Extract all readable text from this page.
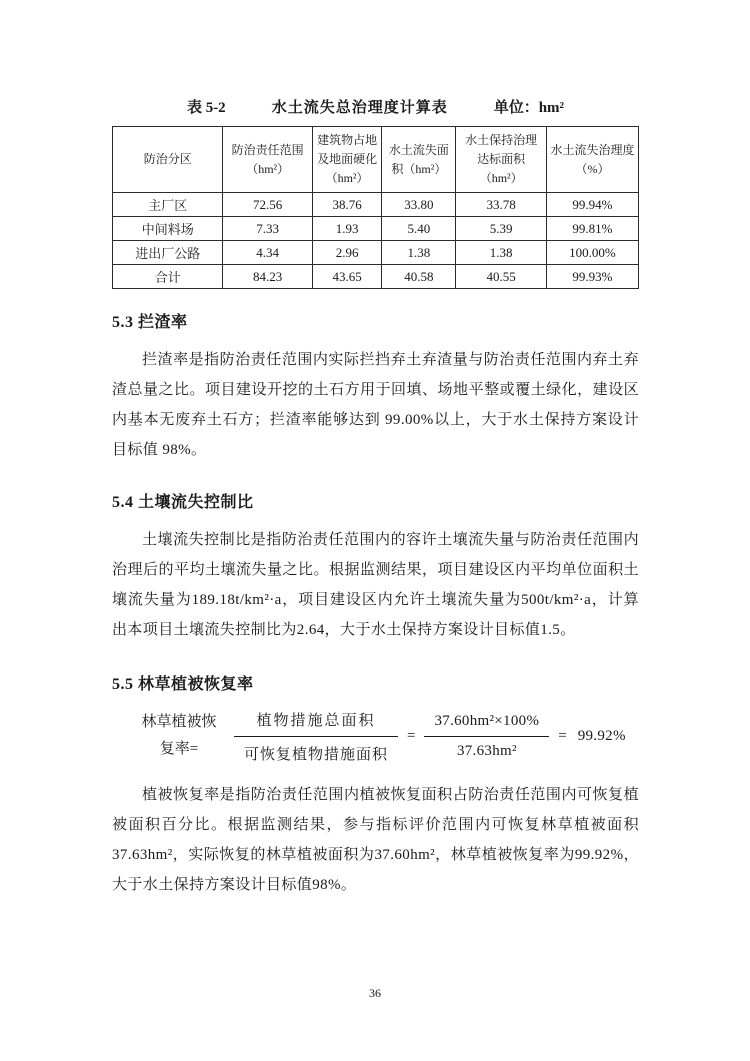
表 5-2	水土流失总治理度计算表	单位：hm²
防治分区	防治责任范围（hm²）	建筑物占地及地面硬化（hm²）	水土流失面积（hm²）	水土保持治理达标面积（hm²）	水土流失治理度（%）
主厂区	72.56	38.76	33.80	33.78	99.94%
中间料场	7.33	1.93	5.40	5.39	99.81%
进出厂公路	4.34	2.96	1.38	1.38	100.00%
合计	84.23	43.65	40.58	40.55	99.93%
5.3 拦渣率

拦渣率是指防治责任范围内实际拦挡弃土弃渣量与防治责任范围内弃土弃渣总量之比。项目建设开挖的土石方用于回填、场地平整或覆土绿化，建设区内基本无废弃土石方；拦渣率能够达到 99.00%以上，大于水土保持方案设计目标值 98%。

5.4 土壤流失控制比

土壤流失控制比是指防治责任范围内的容许土壤流失量与防治责任范围内治理后的平均土壤流失量之比。根据监测结果，项目建设区内平均单位面积土壤流失量为189.18t/km²·a，项目建设区内允许土壤流失量为500t/km²·a，计算出本项目土壤流失控制比为2.64，大于水土保持方案设计目标值1.5。

5.5 林草植被恢复率
林草植被恢
复率=	$\frac{\text{植物措施总面积}}{\text{可恢复植物措施面积}} = \frac{\text{37.60hm²×100\%}}{\text{37.63hm²}} = 99.92\%$

植被恢复率是指防治责任范围内植被恢复面积占防治责任范围内可恢复植被面积百分比。根据监测结果，参与指标评价范围内可恢复林草植被面积37.63hm²，实际恢复的林草植被面积为37.60hm²，林草植被恢复率为99.92%，大于水土保持方案设计目标值98%。

36
